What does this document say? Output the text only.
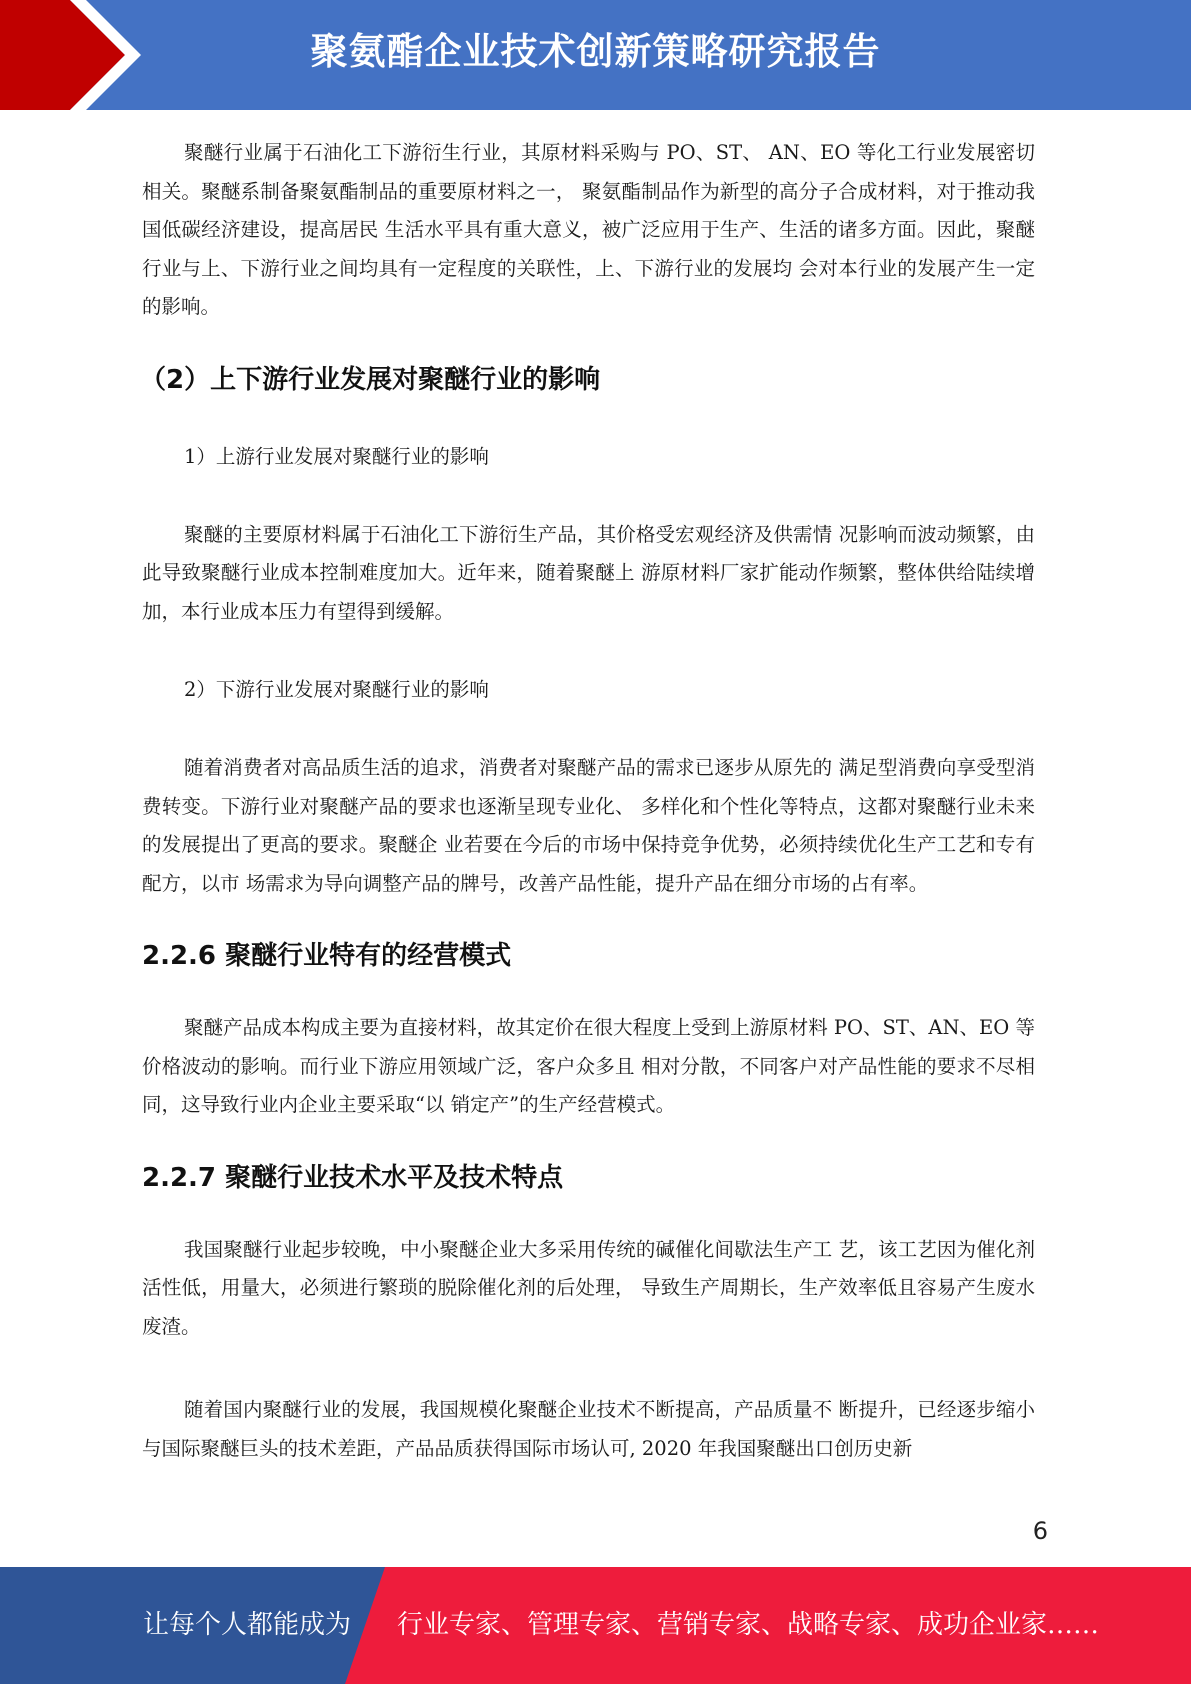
聚氨酯企业技术创新策略研究报告

聚醚行业属于石油化工下游衍生行业，其原材料采购与 PO、ST、 AN、EO 等化工行业发展密切相关。聚醚系制备聚氨酯制品的重要原材料之一， 聚氨酯制品作为新型的高分子合成材料，对于推动我国低碳经济建设，提高居民 生活水平具有重大意义，被广泛应用于生产、生活的诸多方面。因此，聚醚行业与上、下游行业之间均具有一定程度的关联性，上、下游行业的发展均 会对本行业的发展产生一定的影响。

（2）上下游行业发展对聚醚行业的影响

1）上游行业发展对聚醚行业的影响

聚醚的主要原材料属于石油化工下游衍生产品，其价格受宏观经济及供需情 况影响而波动频繁，由此导致聚醚行业成本控制难度加大。近年来，随着聚醚上 游原材料厂家扩能动作频繁，整体供给陆续增加，本行业成本压力有望得到缓解。

2）下游行业发展对聚醚行业的影响

随着消费者对高品质生活的追求，消费者对聚醚产品的需求已逐步从原先的 满足型消费向享受型消费转变。下游行业对聚醚产品的要求也逐渐呈现专业化、 多样化和个性化等特点，这都对聚醚行业未来的发展提出了更高的要求。聚醚企 业若要在今后的市场中保持竞争优势，必须持续优化生产工艺和专有配方，以市 场需求为导向调整产品的牌号，改善产品性能，提升产品在细分市场的占有率。

2.2.6 聚醚行业特有的经营模式

聚醚产品成本构成主要为直接材料，故其定价在很大程度上受到上游原材料 PO、ST、AN、EO 等价格波动的影响。而行业下游应用领域广泛，客户众多且 相对分散，不同客户对产品性能的要求不尽相同，这导致行业内企业主要采取“以 销定产”的生产经营模式。

2.2.7 聚醚行业技术水平及技术特点

我国聚醚行业起步较晚，中小聚醚企业大多采用传统的碱催化间歇法生产工 艺，该工艺因为催化剂活性低，用量大，必须进行繁琐的脱除催化剂的后处理， 导致生产周期长，生产效率低且容易产生废水废渣。

随着国内聚醚行业的发展，我国规模化聚醚企业技术不断提高，产品质量不 断提升，已经逐步缩小与国际聚醚巨头的技术差距，产品品质获得国际市场认可, 2020 年我国聚醚出口创历史新

6
让每个人都能成为 行业专家、管理专家、营销专家、战略专家、成功企业家……
